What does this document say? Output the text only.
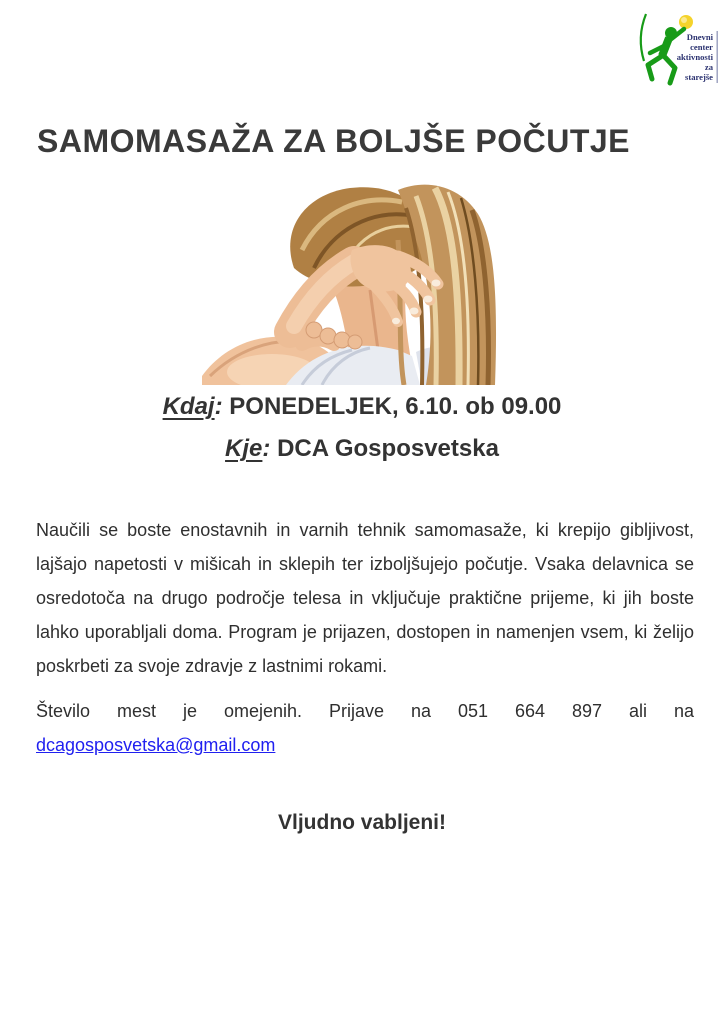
Dnevni
center
aktivnosti
za
starejše
SAMOMASAŽA ZA BOLJŠE POČUTJE
Kdaj: PONEDELJEK, 6.10. ob 09.00
Kje: DCA Gosposvetska

Naučili se boste enostavnih in varnih tehnik samomasaže, ki krepijo gibljivost, lajšajo napetosti v mišicah in sklepih ter izboljšujejo počutje. Vsaka delavnica se osredotoča na drugo področje telesa in vključuje praktične prijeme, ki jih boste lahko uporabljali doma. Program je prijazen, dostopen in namenjen vsem, ki želijo poskrbeti za svoje zdravje z lastnimi rokami.

Število mest je omejenih. Prijave na 051 664 897 ali na dcagosposvetska@gmail.com

Vljudno vabljeni!
